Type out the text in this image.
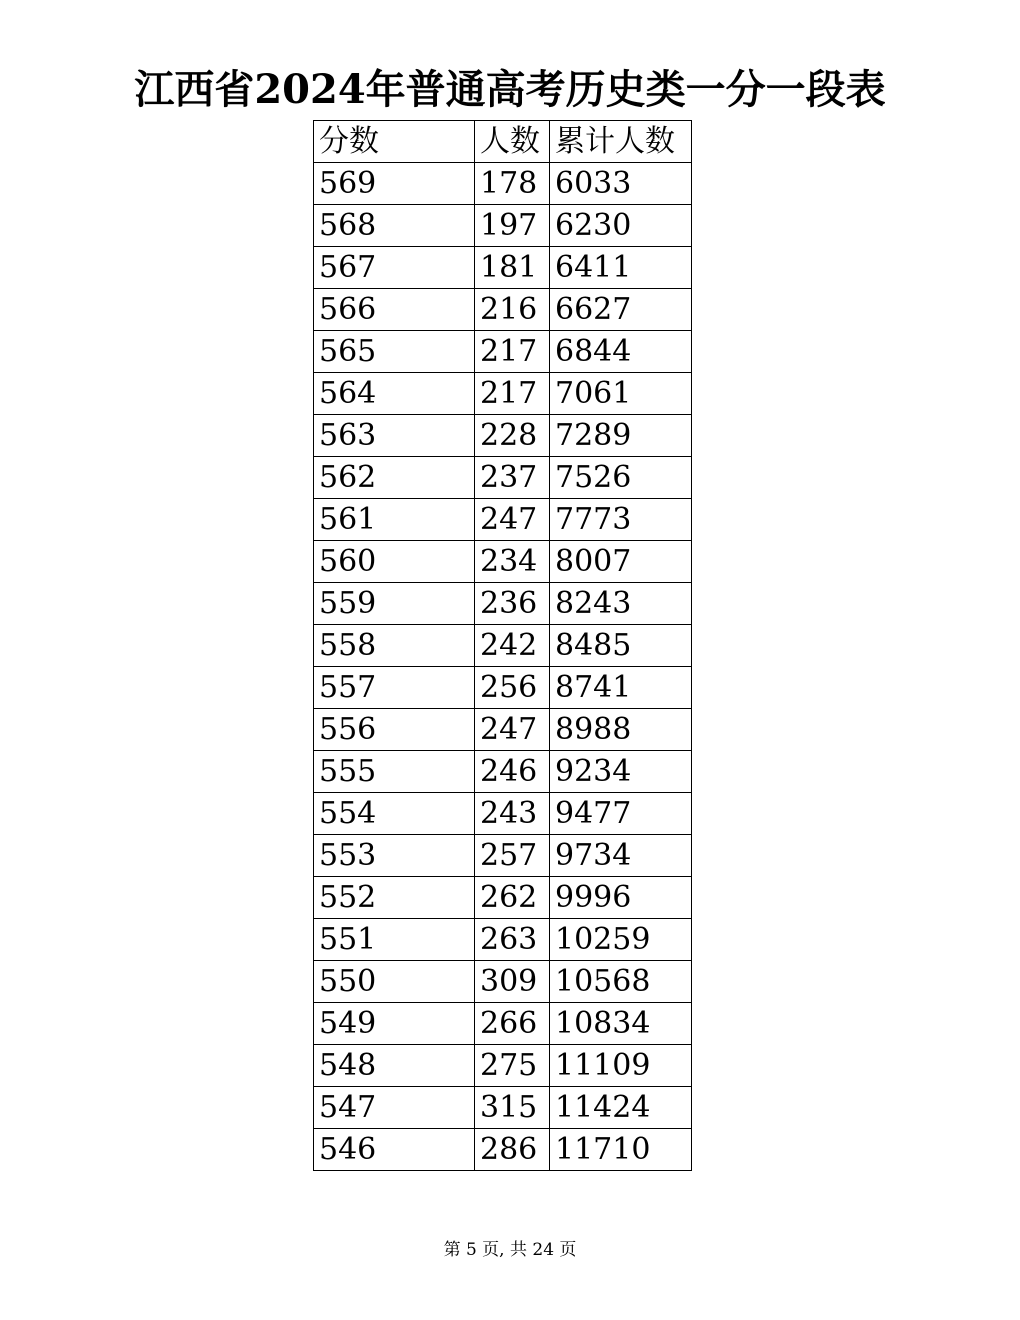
江西省2024年普通高考历史类一分一段表
分数	人数	累计人数
569	178	6033
568	197	6230
567	181	6411
566	216	6627
565	217	6844
564	217	7061
563	228	7289
562	237	7526
561	247	7773
560	234	8007
559	236	8243
558	242	8485
557	256	8741
556	247	8988
555	246	9234
554	243	9477
553	257	9734
552	262	9996
551	263	10259
550	309	10568
549	266	10834
548	275	11109
547	315	11424
546	286	11710
第 5 页, 共 24 页
